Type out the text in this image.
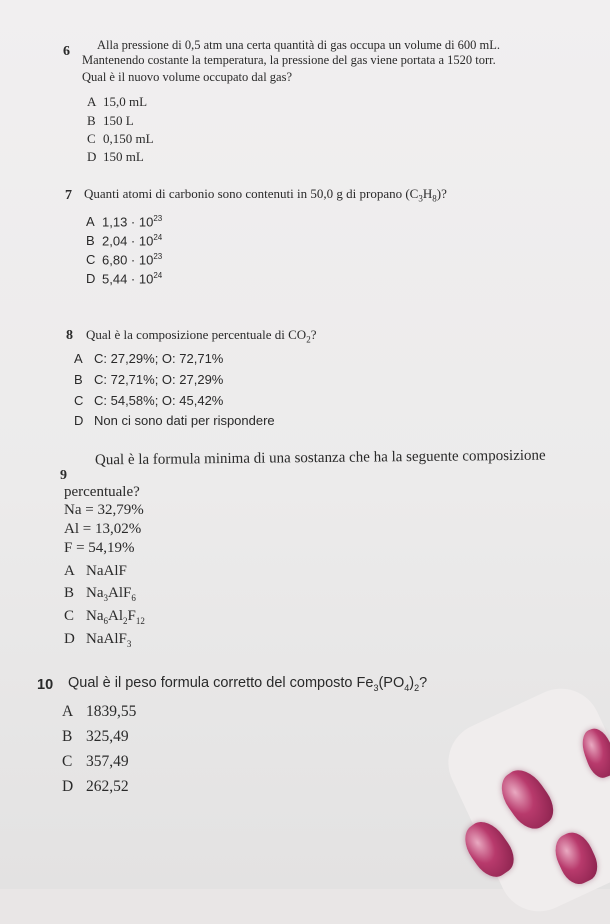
6 Alla pressione di 0,5 atm una certa quantità di gas occupa un volume di 600 mL.
Mantenendo costante la temperatura, la pressione del gas viene portata a 1520 torr.
Qual è il nuovo volume occupato dal gas?
A 15,0 mL
B 150 L
C 0,150 mL
D 150 mL
7 Quanti atomi di carbonio sono contenuti in 50,0 g di propano $(C_3H_8)$?
A $1,13 \cdot 10^{23}$
B $2,04 \cdot 10^{24}$
C $6,80 \cdot 10^{23}$
D $5,44 \cdot 10^{24}$
8 Qual è la composizione percentuale di $CO_2$?
A C: 27,29%; O: 72,71%
B C: 72,71%; O: 27,29%
C C: 54,58%; O: 45,42%
D Non ci sono dati per rispondere
9
Qual è la formula minima di una sostanza che ha la seguente composizione
percentuale?
Na = 32,79%
Al = 13,02%
F = 54,19%
A NaAlF
B $Na_3AlF_6$
C $Na_6Al_2F_{12}$
D NaAlF$_3$
10 Qual è il peso formula corretto del composto $Fe_3(PO_4)_2$?
A 1839,55
B 325,49
C 357,49
D 262,52
